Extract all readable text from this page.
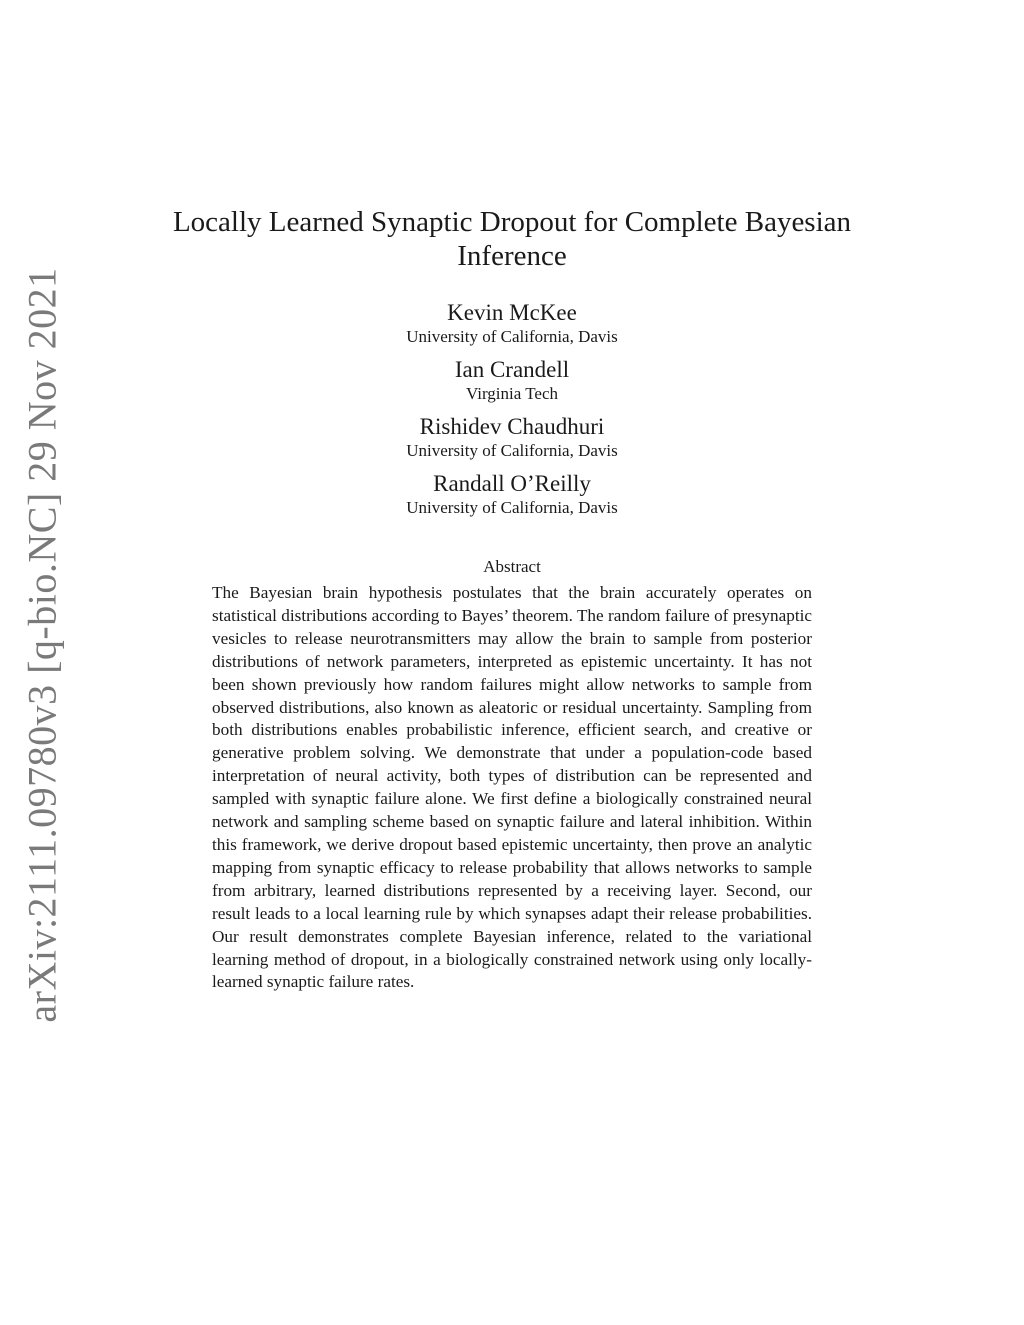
arXiv:2111.09780v3 [q-bio.NC] 29 Nov 2021
Locally Learned Synaptic Dropout for Complete Bayesian Inference
Kevin McKee
University of California, Davis
Ian Crandell
Virginia Tech
Rishidev Chaudhuri
University of California, Davis
Randall O’Reilly
University of California, Davis
Abstract

The Bayesian brain hypothesis postulates that the brain accurately operates on statistical distributions according to Bayes’ theorem. The random failure of presynaptic vesicles to release neurotransmitters may allow the brain to sample from posterior distributions of network parameters, interpreted as epistemic uncertainty. It has not been shown previously how random failures might allow networks to sample from observed distributions, also known as aleatoric or residual uncertainty. Sampling from both distributions enables probabilistic inference, efficient search, and creative or generative problem solving. We demonstrate that under a population-code based interpretation of neural activity, both types of distribution can be represented and sampled with synaptic failure alone. We first define a biologically constrained neural network and sampling scheme based on synaptic failure and lateral inhibition. Within this framework, we derive dropout based epistemic uncertainty, then prove an analytic mapping from synaptic efficacy to release probability that allows networks to sample from arbitrary, learned distributions represented by a receiving layer. Second, our result leads to a local learning rule by which synapses adapt their release probabilities. Our result demonstrates complete Bayesian inference, related to the variational learning method of dropout, in a biologically constrained network using only locally-learned synaptic failure rates.
